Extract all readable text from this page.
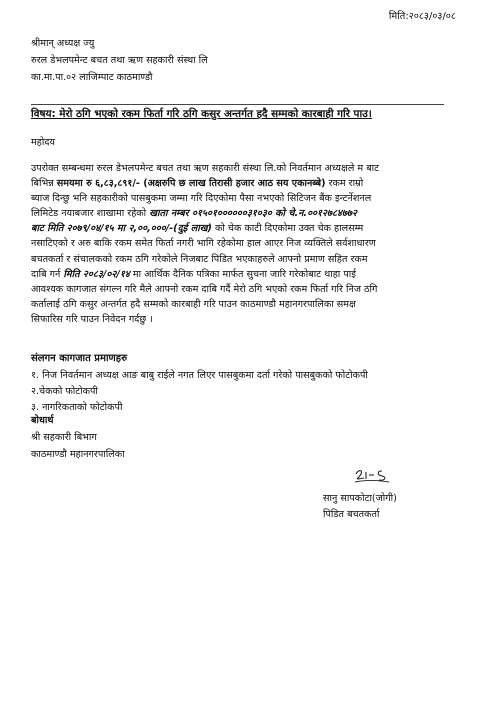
मिति:२०८३/०३/०८

श्रीमान् अध्यक्ष ज्यु

रुरल डेभलपमेन्ट बचत तथा ऋण सहकारी संस्था लि

का.मा.पा.०२ लाजिम्पाट काठमाण्डौ

विषय: मेरो ठगि भएको रकम फिर्ता गरि ठगि कसुर अन्तर्गत हदै सम्मको कारबाही गरि पाउ।

महोदय

उपरोक्त सम्बन्धमा रुरल डेभलपमेन्ट बचत तथा ऋण सहकारी संस्था लि.को निवर्तमान अध्यक्षले म बाट

बिभिन्न समयमा रु ६,८३,८९१/- (अक्षरुपि छ लाख तिरासी हजार आठ सय एकानब्बे) रकम राम्रो

ब्याज दिन्छु भनि सहकारीको पासबुकमा जम्मा गरि दिएकोमा पैसा नभएको सिटिजन बैंक इन्टर्नेशनल

लिमिटेड नयाबजार शाखामा रहेको खाता नम्बर ०१५०१००००००३१०३० को चे.न.००१२७८४७७२

बाट मिति २०७९/०४/१५ मा २,००,०००/-(दुई लाख) को चेक काटी दिएकोमा उक्त चेक हालसम्म

नसाटिएको र अरु बाकि रकम समेत फिर्ता नगरी भागि रहेकोमा हाल आएर निज व्यक्तिले सर्वशाधारण

बचतकर्ता र संचालकको रकम ठगि गरेकोले निजबाट पिडित भएकाहरुले आफ्नो प्रमाण सहित रकम

दाबि गर्न मिति २०८३/०२/१४ मा आर्थिक दैनिक पत्रिका मार्फत सुचना जारि गरेकोबाट थाहा पाई

आवश्यक कागजात संगल्न गरि मैले आफ्नो रकम दाबि गर्दै मेरो ठगि भएको रकम फिर्ता गरि निज ठगि

कर्तालाई ठगि कसुर अन्तर्गत हदै सम्मको कारबाही गरि पाउन काठमाण्डौ महानगरपालिका समक्ष

सिफारिस गरि पाउन निवेदन गर्दछु ।

संलगन कागजात प्रमाणहरु

१. निज निवर्तमान अध्यक्ष आङ बाबु राईले नगत लिएर पासबुकमा दर्ता गरेको पासबुकको फोटोकपी

२.चेकको फोटोकपी

३. नागरिकताको फोटोकपी

बोधार्थ

श्री सहकारी बिभाग

काठमाण्डौ महानगरपालिका

सानु सापकोटा(जोगी)

पिडित बचतकर्ता
